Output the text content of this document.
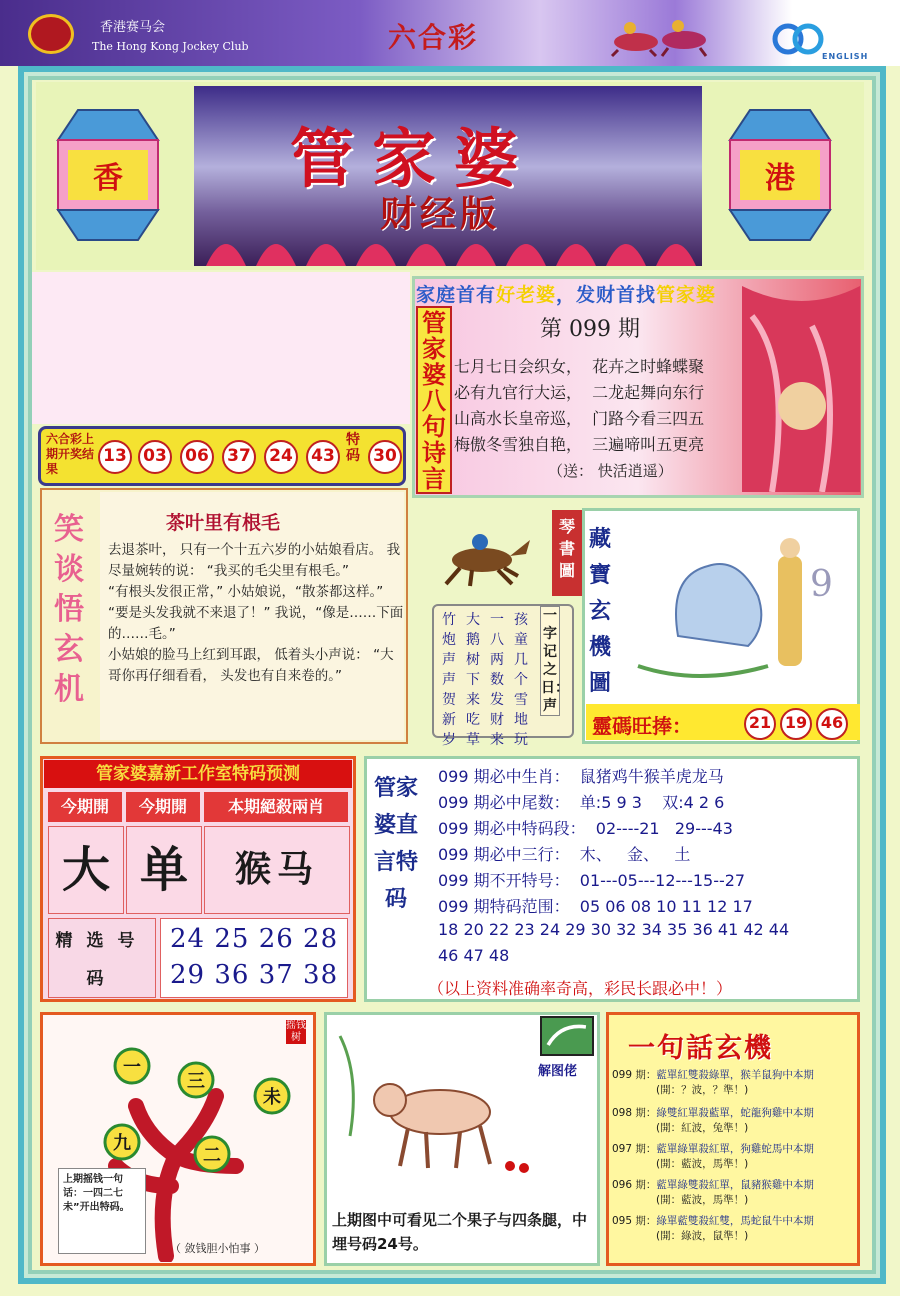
香港赛马会
The Hong Kong Jockey Club	六合彩
ENGLISH
香	港
管家婆
财经版
六合彩上期开奖结果
13 03	06	37	24	43
特码 30
家庭首有好老婆，发财首找管家婆
管家婆八句诗言
第 099 期
七月七日会织女，  花卉之时蜂蝶聚
必有九官行大运，  二龙起舞向东行
山高水长皇帝巡，  门路今看三四五
梅傲冬雪独自艳，  三遍啼叫五更亮
（送： 快活逍遥）
笑谈悟玄机
茶叶里有根毛

去退茶叶， 只有一个十五六岁的小姑娘看店。 我尽量婉转的说： “我买的毛尖里有根毛。”

“有根头发很正常，” 小姑娘说，“散茶都这样。”

“要是头发我就不来退了！” 我说，“像是……下面的……毛。”

小姑娘的脸马上红到耳跟， 低着头小声说： “大哥你再仔细看看， 头发也有自来卷的。”

琴書圖
竹炮声声贺新岁
大鹅树下来吃草
一八两数发财来
孩童几个雪地玩
一字记之日：声
藏寶玄機圖
9
靈碼旺捧：	21 19 46
管家婆嘉新工作室特码预测
今期開	今期開	本期絕殺兩肖
大 单	猴马
精选号码
24 25 26 28
29 36 37 38
管家婆直言特码
099 期必中生肖：  鼠猪鸡牛猴羊虎龙马
099 期必中尾数：  单:5 9 3    双:4 2 6
099 期必中特码段：  02----21   29---43
099 期必中三行：  木、   金、   土
099 期不开特号：  01---05---12---15--27
099 期特码范围：  05 06 08 10 11 12 17
18 20 22 23 24 29 30 32 34 35 36 41 42 44
46 47 48
（以上资料准确率奇高，彩民长跟必中！）
一
三
未
九
二
摇钱树
上期摇钱一句话：一四二七未”开出特码。
（ 敛钱胆小怕事 ）
解图佬
上期图中可看见二个果子与四条腿，中埋号码24号。
一句話玄機
099 期：藍單紅雙殺綠單，猴羊鼠狗中本期
(開：？波，？準！)
098 期：綠雙紅單殺藍單，蛇龍狗雞中本期
(開：紅波，兔準！)
097 期：藍單綠單殺紅單，狗雞蛇馬中本期
(開：藍波，馬準！)
096 期：藍單綠雙殺紅單，鼠豬猴雞中本期
(開：藍波，馬準！)
095 期：綠單藍雙殺紅雙，馬蛇鼠牛中本期
(開：綠波，鼠準！)
